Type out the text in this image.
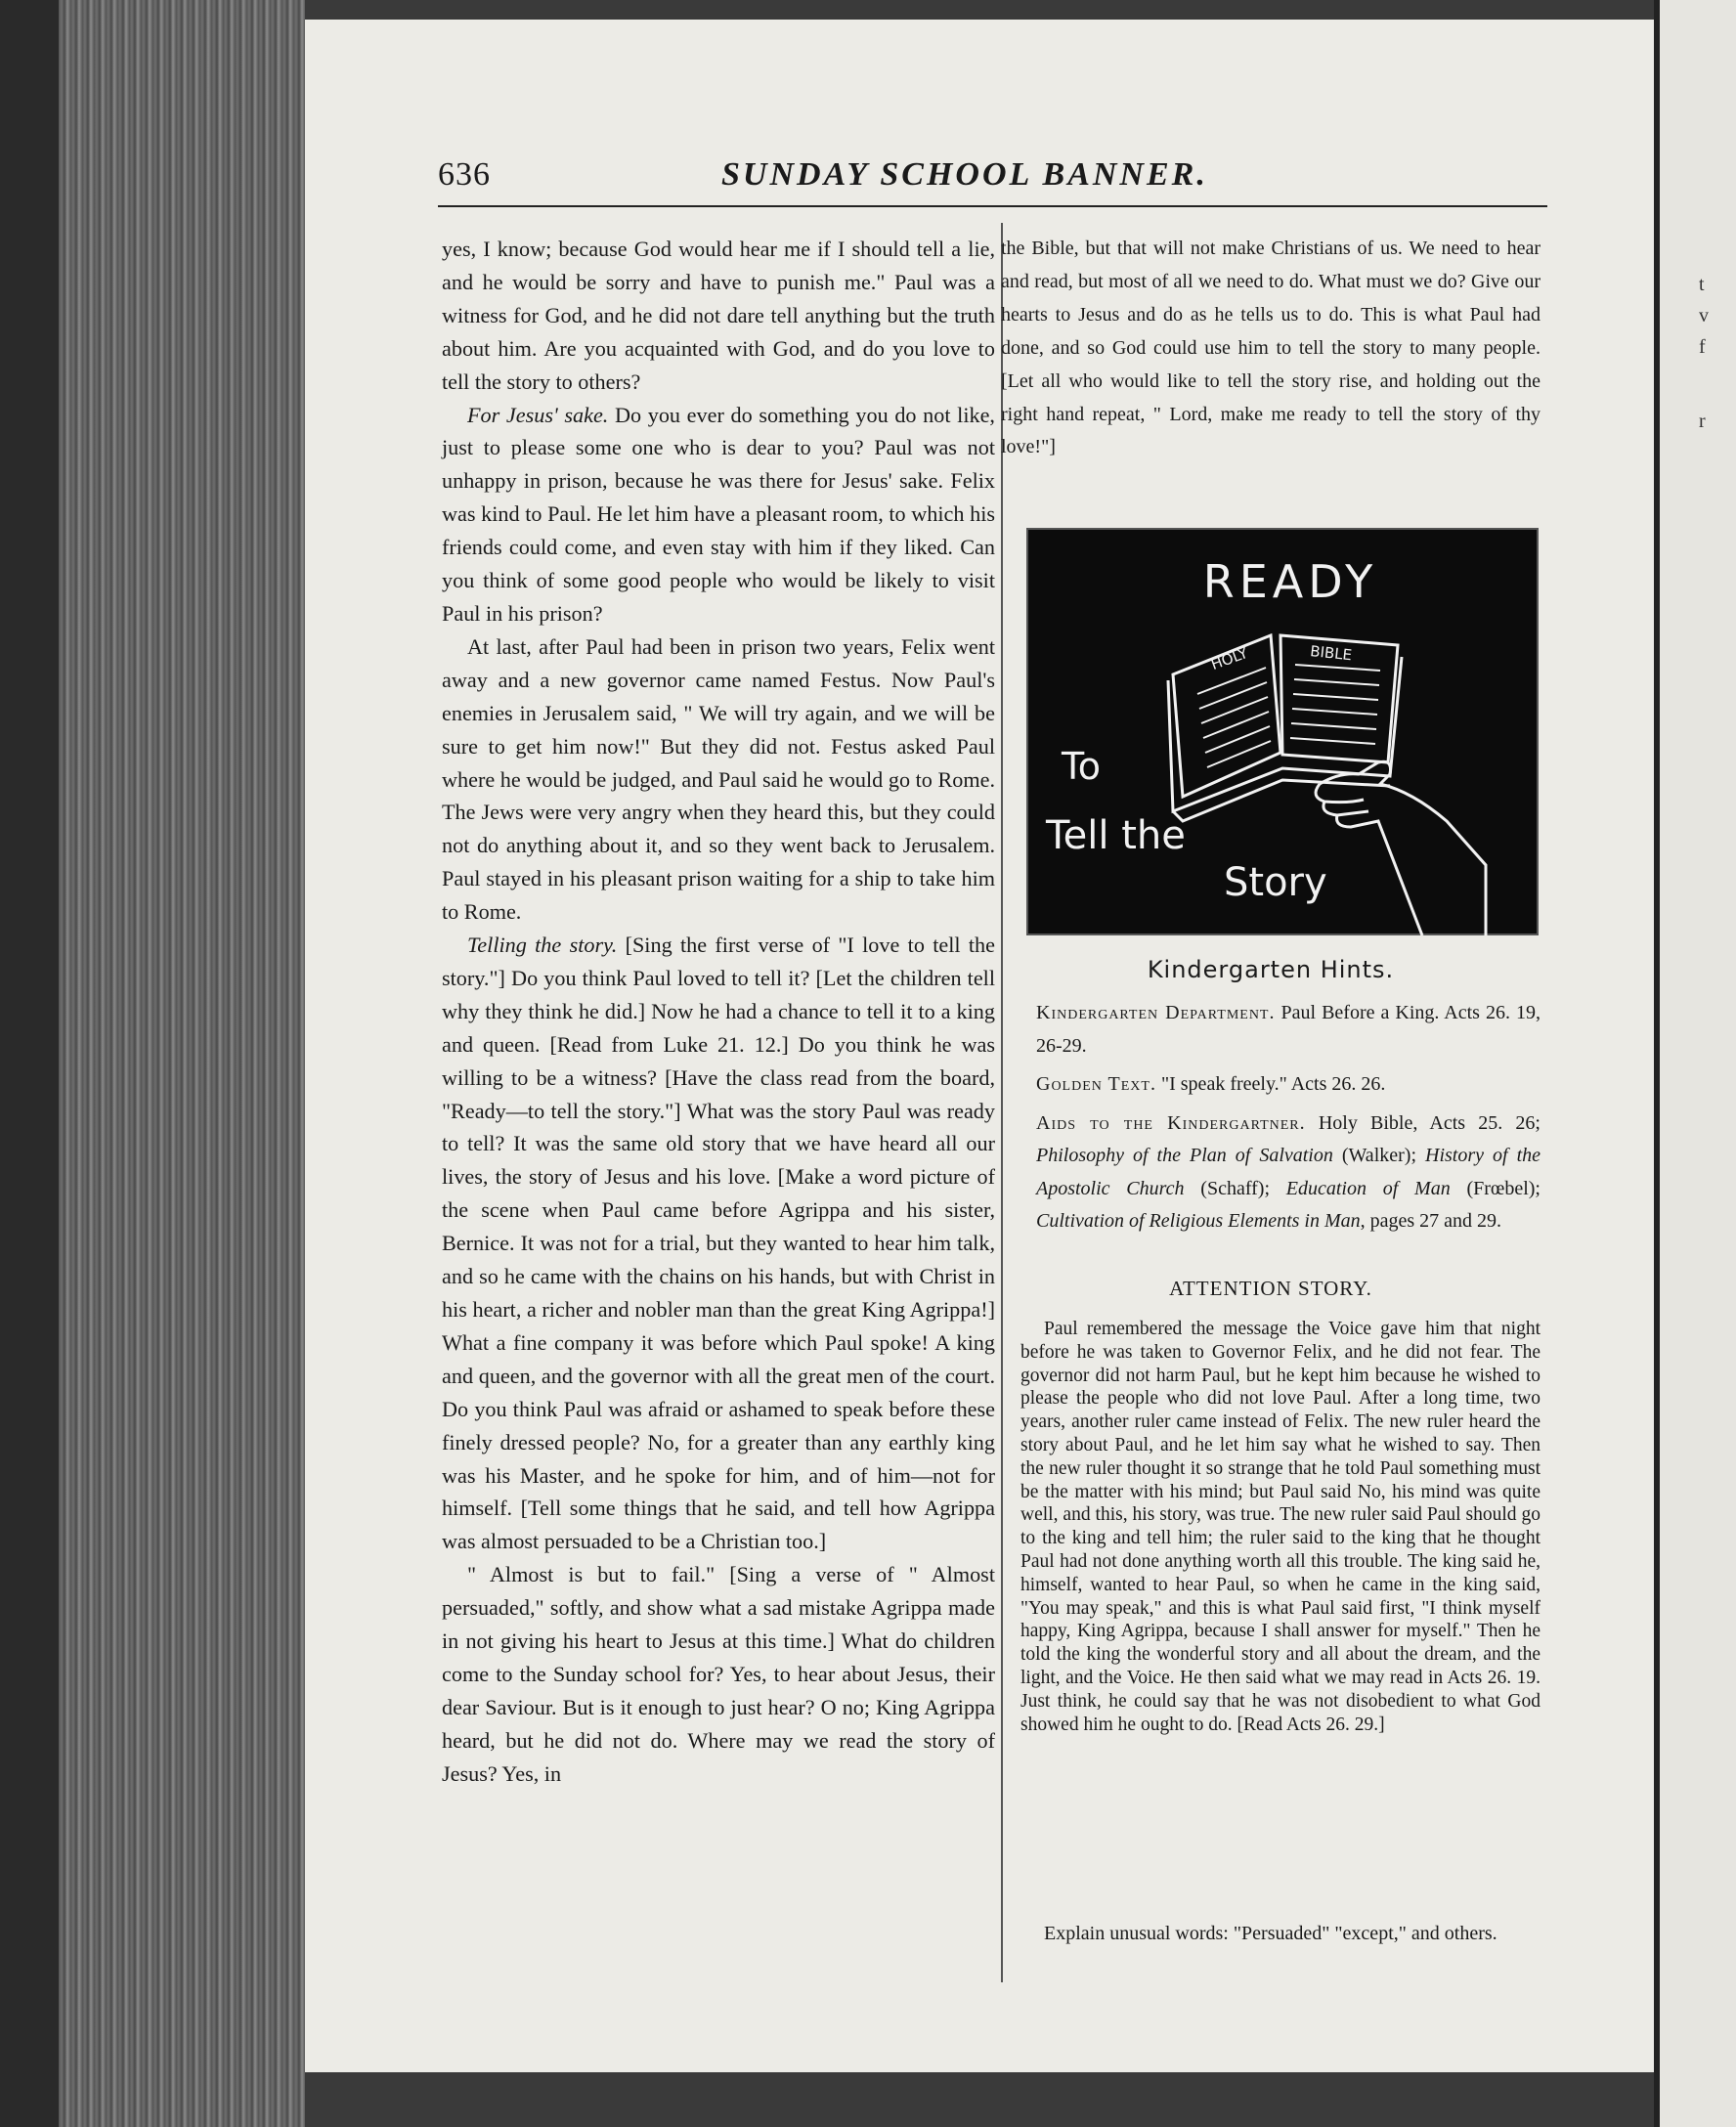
t
v
f
r
636	SUNDAY SCHOOL BANNER.

yes, I know; because God would hear me if I should tell a lie, and he would be sorry and have to punish me." Paul was a witness for God, and he did not dare tell anything but the truth about him. Are you acquainted with God, and do you love to tell the story to others?

For Jesus' sake. Do you ever do something you do not like, just to please some one who is dear to you? Paul was not unhappy in prison, because he was there for Jesus' sake. Felix was kind to Paul. He let him have a pleasant room, to which his friends could come, and even stay with him if they liked. Can you think of some good people who would be likely to visit Paul in his prison?

At last, after Paul had been in prison two years, Felix went away and a new governor came named Festus. Now Paul's enemies in Jerusalem said, " We will try again, and we will be sure to get him now!" But they did not. Festus asked Paul where he would be judged, and Paul said he would go to Rome. The Jews were very angry when they heard this, but they could not do anything about it, and so they went back to Jerusalem. Paul stayed in his pleasant prison waiting for a ship to take him to Rome.

Telling the story. [Sing the first verse of "I love to tell the story."] Do you think Paul loved to tell it? [Let the children tell why they think he did.] Now he had a chance to tell it to a king and queen. [Read from Luke 21. 12.] Do you think he was willing to be a witness? [Have the class read from the board, "Ready—to tell the story."] What was the story Paul was ready to tell? It was the same old story that we have heard all our lives, the story of Jesus and his love. [Make a word picture of the scene when Paul came before Agrippa and his sister, Bernice. It was not for a trial, but they wanted to hear him talk, and so he came with the chains on his hands, but with Christ in his heart, a richer and nobler man than the great King Agrippa!] What a fine company it was before which Paul spoke! A king and queen, and the governor with all the great men of the court. Do you think Paul was afraid or ashamed to speak before these finely dressed people? No, for a greater than any earthly king was his Master, and he spoke for him, and of him—not for himself. [Tell some things that he said, and tell how Agrippa was almost persuaded to be a Christian too.]

" Almost is but to fail." [Sing a verse of " Almost persuaded," softly, and show what a sad mistake Agrippa made in not giving his heart to Jesus at this time.] What do children come to the Sunday school for? Yes, to hear about Jesus, their dear Saviour. But is it enough to just hear? O no; King Agrippa heard, but he did not do. Where may we read the story of Jesus? Yes, in

the Bible, but that will not make Christians of us. We need to hear and read, but most of all we need to do. What must we do? Give our hearts to Jesus and do as he tells us to do. This is what Paul had done, and so God could use him to tell the story to many people. [Let all who would like to tell the story rise, and holding out the right hand repeat, " Lord, make me ready to tell the story of thy love!"]

HOLY	BIBLE
READY
To
Tell the
Story
Kindergarten Hints.

Kindergarten Department. Paul Before a King. Acts 26. 19, 26-29.

Golden Text. "I speak freely." Acts 26. 26.

Aids to the Kindergartner. Holy Bible, Acts 25. 26; Philosophy of the Plan of Salvation (Walker); History of the Apostolic Church (Schaff); Education of Man (Frœbel); Cultivation of Religious Elements in Man, pages 27 and 29.

ATTENTION STORY.

Paul remembered the message the Voice gave him that night before he was taken to Governor Felix, and he did not fear. The governor did not harm Paul, but he kept him because he wished to please the people who did not love Paul. After a long time, two years, another ruler came instead of Felix. The new ruler heard the story about Paul, and he let him say what he wished to say. Then the new ruler thought it so strange that he told Paul something must be the matter with his mind; but Paul said No, his mind was quite well, and this, his story, was true. The new ruler said Paul should go to the king and tell him; the ruler said to the king that he thought Paul had not done anything worth all this trouble. The king said he, himself, wanted to hear Paul, so when he came in the king said, "You may speak," and this is what Paul said first, "I think myself happy, King Agrippa, because I shall answer for myself." Then he told the king the wonderful story and all about the dream, and the light, and the Voice. He then said what we may read in Acts 26. 19. Just think, he could say that he was not disobedient to what God showed him he ought to do. [Read Acts 26. 29.]

Explain unusual words: "Persuaded" "except," and others.
